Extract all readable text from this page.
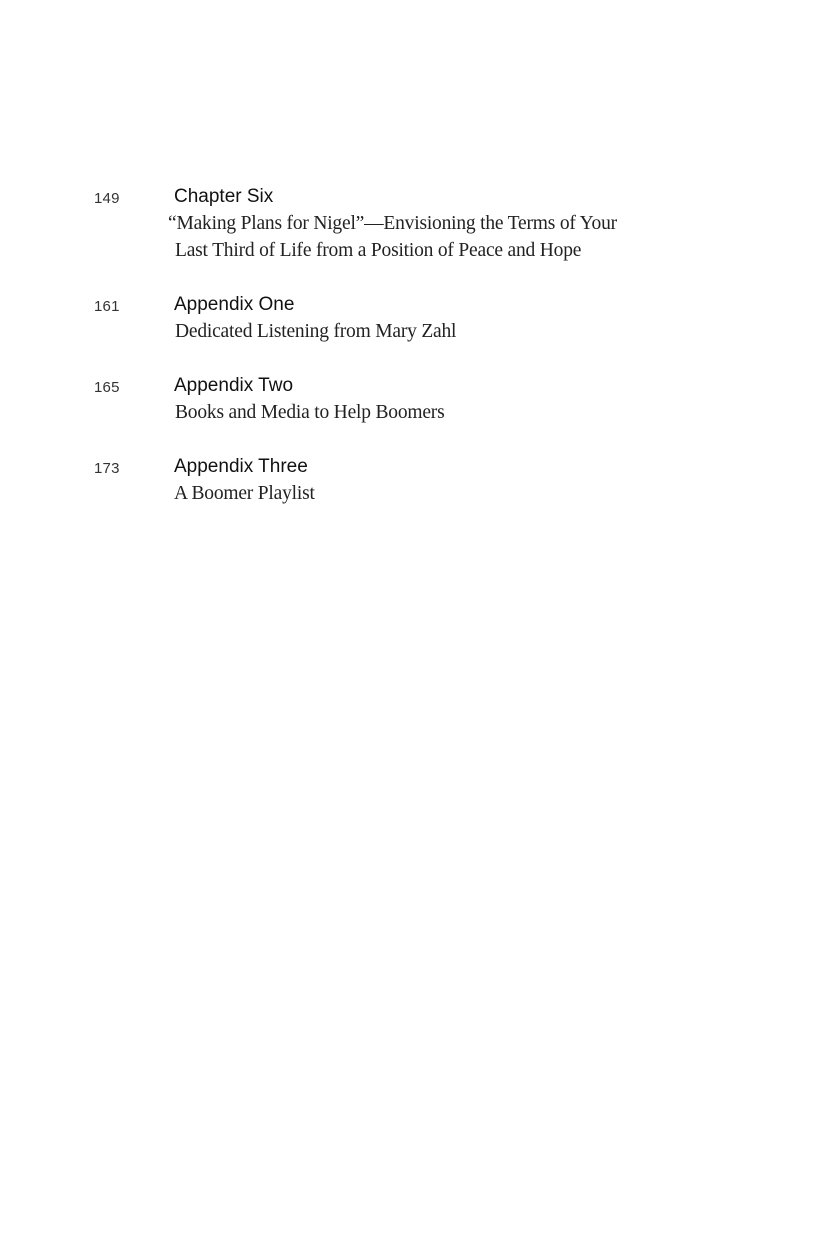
149	Chapter Six
“Making Plans for Nigel”—Envisioning the Terms of Your
Last Third of Life from a Position of Peace and Hope
161	Appendix One
Dedicated Listening from Mary Zahl
165	Appendix Two
Books and Media to Help Boomers
173	Appendix Three
A Boomer Playlist
